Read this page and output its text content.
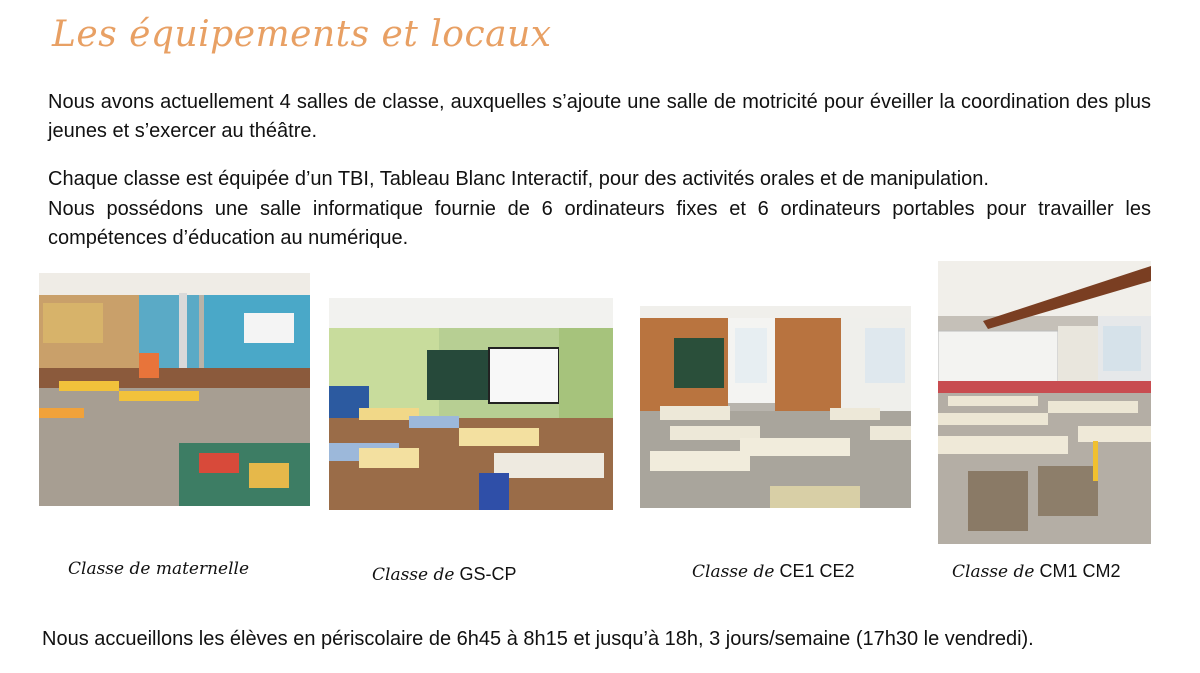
Les équipements et locaux

Nous avons actuellement 4 salles de classe, auxquelles s’ajoute une salle de motricité pour éveiller la coordination des plus jeunes et s’exercer au théâtre.

Chaque classe est équipée d’un TBI, Tableau Blanc Interactif, pour des activités orales et de manipulation.

Nous possédons une salle informatique fournie de 6 ordinateurs fixes et 6 ordinateurs portables pour travailler les compétences d’éducation au numérique.

Classe de maternelle	Classe de GS-CP	Classe de CE1 CE2	Classe de CM1 CM2

Nous accueillons les élèves en périscolaire de 6h45 à 8h15 et jusqu’à 18h, 3 jours/semaine (17h30 le vendredi).
